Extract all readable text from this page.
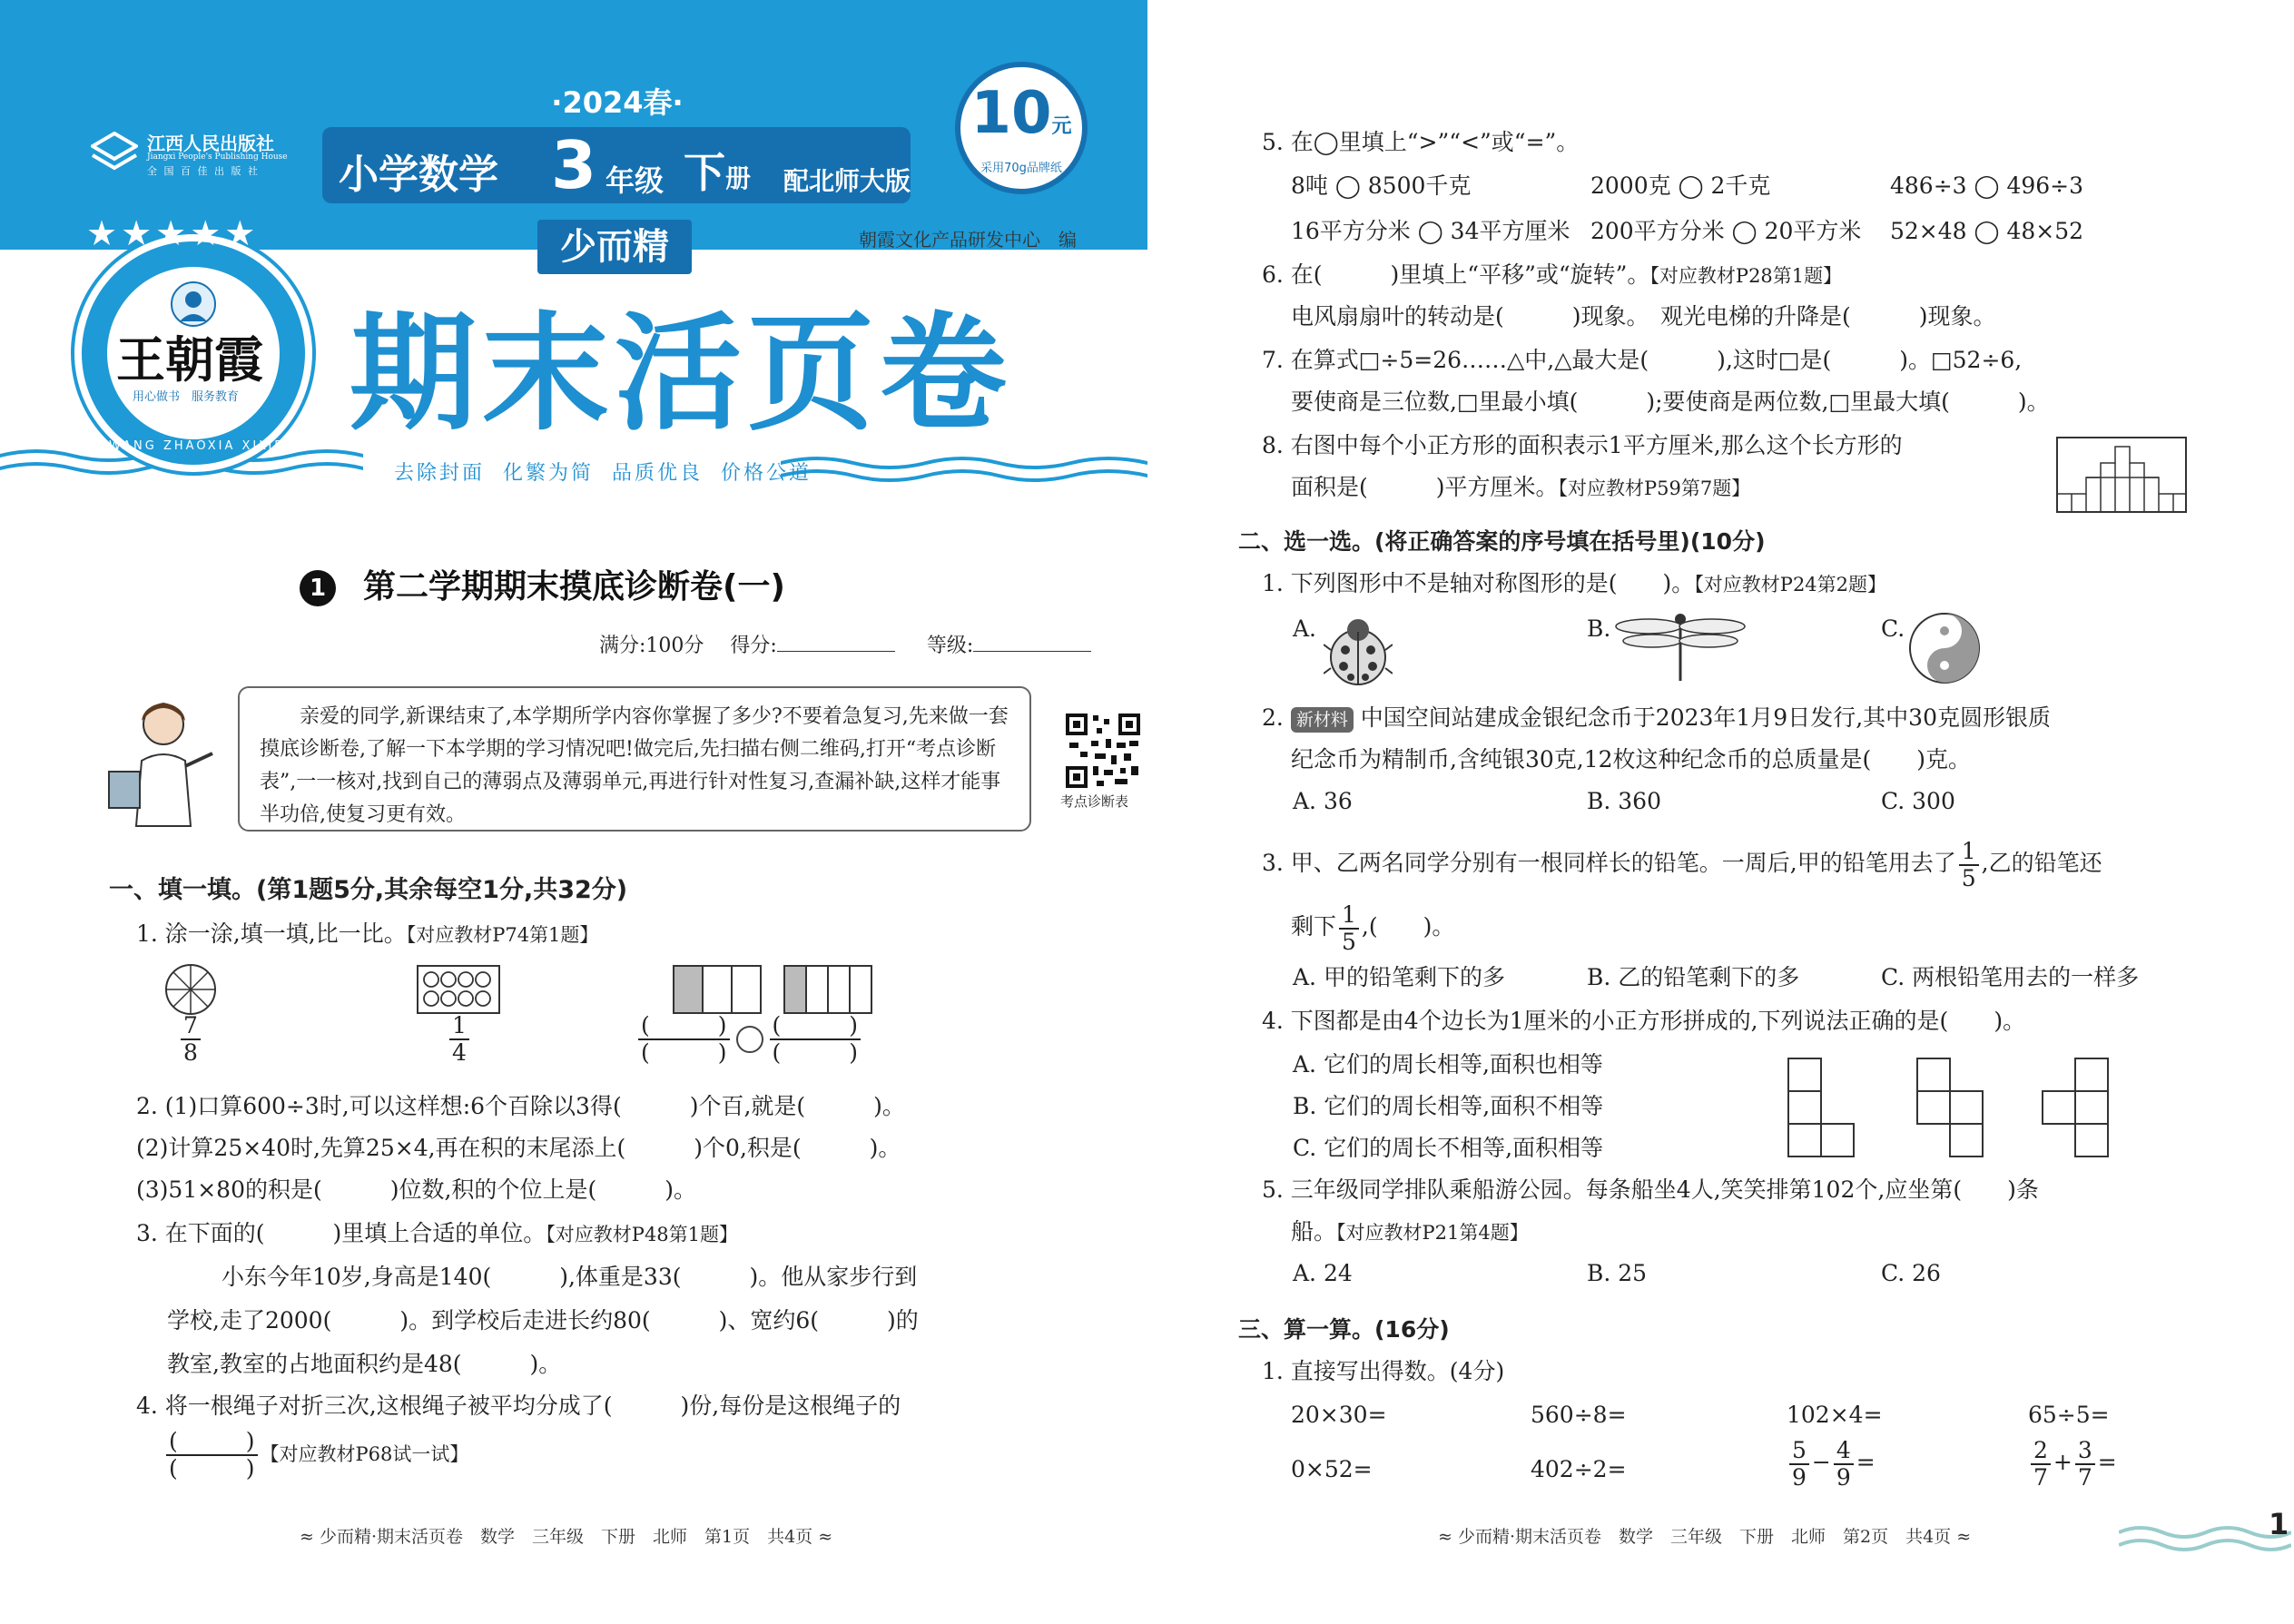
江西人民出版社
Jiangxi People's Publishing House
全 国 百 佳 出 版 社
·2024春·
小学数学 3 年级 下册 配北师大版
10元
采用70g品牌纸
少而精	朝霞文化产品研发中心　编
王朝霞
用心做书　服务教育
WANG ZHAOXIA XILIE CONGSHU
★★★★★
期末活页卷
去除封面 化繁为简 品质优良 价格公道
1 第二学期期末摸底诊断卷(一)
满分:100分　 得分:	等级:
亲爱的同学,新课结束了,本学期所学内容你掌握了多少?不要着急复习,先来做一套摸底诊断卷,了解一下本学期的学习情况吧!做完后,先扫描右侧二维码,打开“考点诊断表”,一一核对,找到自己的薄弱点及薄弱单元,再进行针对性复习,查漏补缺,这样才能事半功倍,使复习更有效。
考点诊断表
一、填一填。(第1题5分,其余每空1分,共32分)
1. 涂一涂,填一填,比一比。【对应教材P74第1题】
$\frac{7}{8}$	$\frac{1}{4}$	$\frac{( )}{( )} \frac{( )}{( )}$
2. (1)口算600÷3时,可以这样想:6个百除以3得(　　　)个百,就是(　　　)。
(2)计算25×40时,先算25×4,再在积的末尾添上(　　　)个0,积是(　　　)。
(3)51×80的积是(　　　)位数,积的个位上是(　　　)。
3. 在下面的(　　　)里填上合适的单位。【对应教材P48第1题】
小东今年10岁,身高是140(　　　),体重是33(　　　)。他从家步行到
学校,走了2000(　　　)。到学校后走进长约80(　　　)、宽约6(　　　)的
教室,教室的占地面积约是48(　　　)。
4. 将一根绳子对折三次,这根绳子被平均分成了(　　　)份,每份是这根绳子的
$\frac{( )}{( )}$ 【对应教材P68试一试】
≈ 少而精·期末活页卷　数学　三年级　下册　北师　第1页　共4页 ≈
5. 在◯里填上“>”“<”或“=”。
8吨 ◯ 8500千克	2000克 ◯ 2千克	486÷3 ◯ 496÷3
16平方分米 ◯ 34平方厘米 200平方分米 ◯ 20平方米 52×48 ◯ 48×52
6. 在(　　　)里填上“平移”或“旋转”。【对应教材P28第1题】
电风扇扇叶的转动是(　　　)现象。　观光电梯的升降是(　　　)现象。
7. 在算式□÷5=26……△中,△最大是(　　　),这时□是(　　　)。□52÷6,
要使商是三位数,□里最小填(　　　);要使商是两位数,□里最大填(　　　)。
8. 右图中每个小正方形的面积表示1平方厘米,那么这个长方形的
面积是(　　　)平方厘米。【对应教材P59第7题】
二、选一选。(将正确答案的序号填在括号里)(10分)
1. 下列图形中不是轴对称图形的是(　　)。【对应教材P24第2题】
A.	B.	C.
2. 新材料 中国空间站建成金银纪念币于2023年1月9日发行,其中30克圆形银质
纪念币为精制币,含纯银30克,12枚这种纪念币的总质量是(　　)克。
A. 36	B. 360	C. 300
3. 甲、乙两名同学分别有一根同样长的铅笔。一周后,甲的铅笔用去了 $\frac{1}{5}$ ,乙的铅笔还
剩下 $\frac{1}{5}$ ,(　　)。
A. 甲的铅笔剩下的多	B. 乙的铅笔剩下的多	C. 两根铅笔用去的一样多
4. 下图都是由4个边长为1厘米的小正方形拼成的,下列说法正确的是(　　)。
A. 它们的周长相等,面积也相等
B. 它们的周长相等,面积不相等
C. 它们的周长不相等,面积相等
5. 三年级同学排队乘船游公园。每条船坐4人,笑笑排第102个,应坐第(　　)条
船。【对应教材P21第4题】
A. 24	B. 25	C. 26
三、算一算。(16分)
1. 直接写出得数。(4分)
20×30=	560÷8=	102×4=	65÷5=
0×52=	402÷2=	$\frac{5}{9} - \frac{4}{9}$ =	$\frac{2}{7} + \frac{3}{7}$ =
≈ 少而精·期末活页卷　数学　三年级　下册　北师　第2页　共4页 ≈	1
